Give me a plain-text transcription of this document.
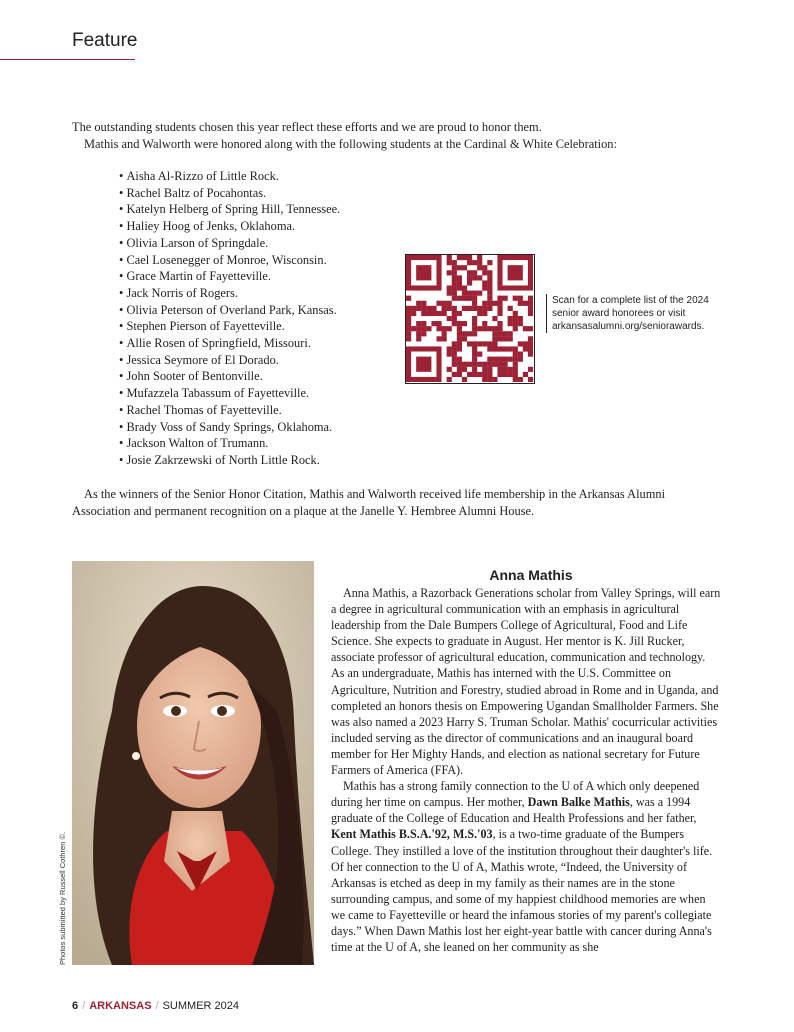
Feature

The outstanding students chosen this year reflect these efforts and we are proud to honor them.

Mathis and Walworth were honored along with the following students at the Cardinal & White Celebration:

• Aisha Al-Rizzo of Little Rock.
• Rachel Baltz of Pocahontas.
• Katelyn Helberg of Spring Hill, Tennessee.
• Haliey Hoog of Jenks, Oklahoma.
• Olivia Larson of Springdale.
• Cael Losenegger of Monroe, Wisconsin.
• Grace Martin of Fayetteville.
• Jack Norris of Rogers.
• Olivia Peterson of Overland Park, Kansas.
• Stephen Pierson of Fayetteville.
• Allie Rosen of Springfield, Missouri.
• Jessica Seymore of El Dorado.
• John Sooter of Bentonville.
• Mufazzela Tabassum of Fayetteville.
• Rachel Thomas of Fayetteville.
• Brady Voss of Sandy Springs, Oklahoma.
• Jackson Walton of Trumann.
• Josie Zakrzewski of North Little Rock.
Scan for a complete list of the 2024 senior award honorees or visit arkansasalumni.org/seniorawards.

As the winners of the Senior Honor Citation, Mathis and Walworth received life membership in the Arkansas Alumni Association and permanent recognition on a plaque at the Janelle Y. Hembree Alumni House.

Photos submitted by Russell Cothren ©.
Anna Mathis

Anna Mathis, a Razorback Generations scholar from Valley Springs, will earn a degree in agricultural communication with an emphasis in agricultural leadership from the Dale Bumpers College of Agricultural, Food and Life Science. She expects to graduate in August. Her mentor is K. Jill Rucker, associate professor of agricultural education, communication and technology. As an undergraduate, Mathis has interned with the U.S. Committee on Agriculture, Nutrition and Forestry, studied abroad in Rome and in Uganda, and completed an honors thesis on Empowering Ugandan Smallholder Farmers. She was also named a 2023 Harry S. Truman Scholar. Mathis' cocurricular activities included serving as the director of communications and an inaugural board member for Her Mighty Hands, and election as national secretary for Future Farmers of America (FFA).

Mathis has a strong family connection to the U of A which only deepened during her time on campus. Her mother, Dawn Balke Mathis, was a 1994 graduate of the College of Education and Health Professions and her father, Kent Mathis B.S.A.'92, M.S.'03, is a two-time graduate of the Bumpers College. They instilled a love of the institution throughout their daughter's life. Of her connection to the U of A, Mathis wrote, “Indeed, the University of Arkansas is etched as deep in my family as their names are in the stone surrounding campus, and some of my happiest childhood memories are when we came to Fayetteville or heard the infamous stories of my parent's collegiate days.” When Dawn Mathis lost her eight-year battle with cancer during Anna's time at the U of A, she leaned on her community as she

6 / ARKANSAS / SUMMER 2024
